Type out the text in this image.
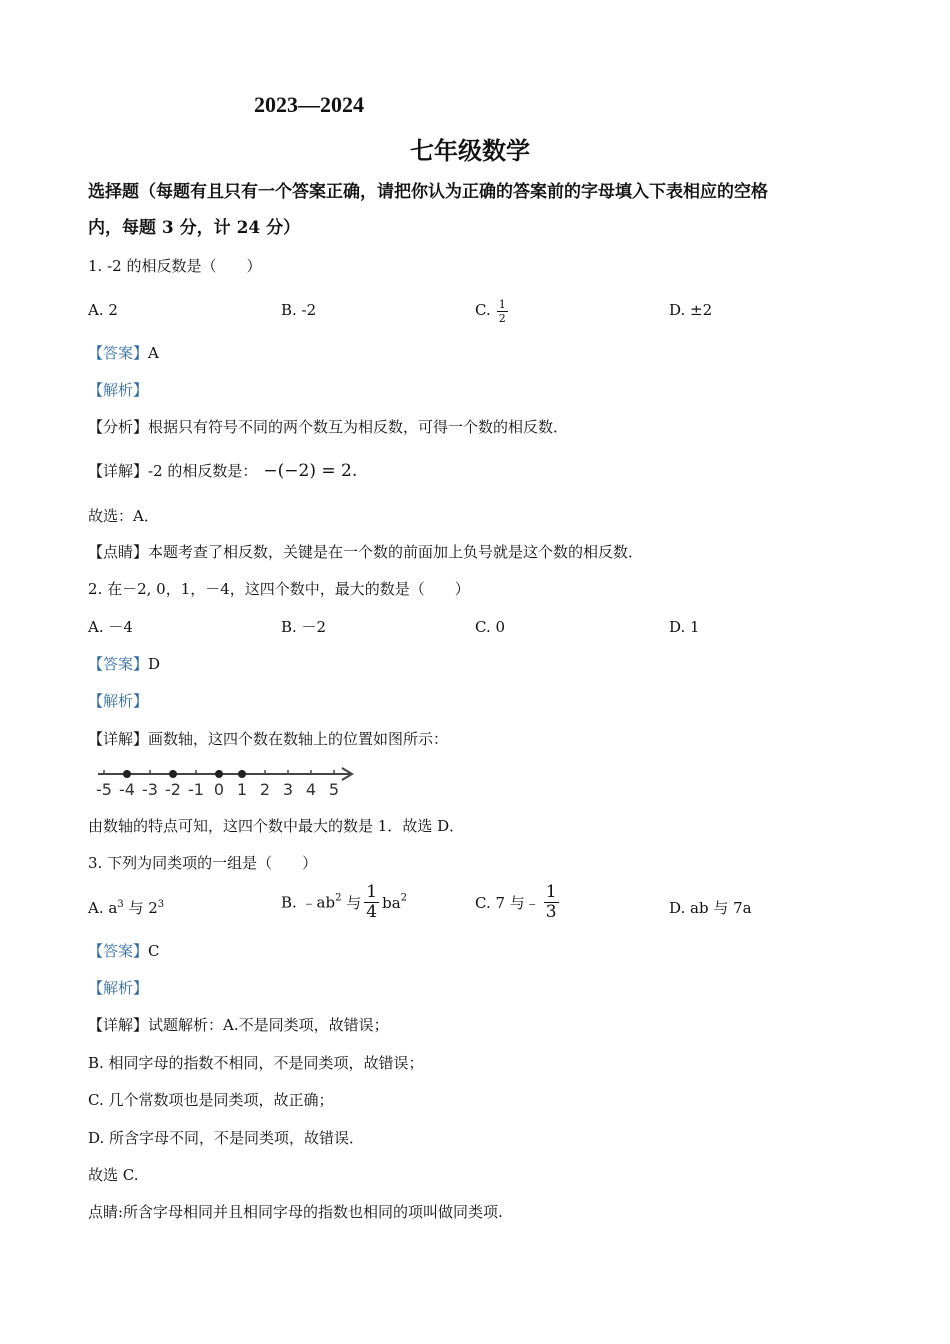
2023—2024
七年级数学
选择题（每题有且只有一个答案正确，请把你认为正确的答案前的字母填入下表相应的空格
内，每题 3 分，计 24 分）
1. -2 的相反数是（　　）
A. 2	B. -2	C. $\frac{1}{2}$	D. ±2
【答案】A
【解析】
【分析】根据只有符号不同的两个数互为相反数，可得一个数的相反数．
【详解】-2 的相反数是： −(−2) = 2.
故选：A．
【点睛】本题考查了相反数，关键是在一个数的前面加上负号就是这个数的相反数．
2. 在－2, 0，1，－4，这四个数中，最大的数是（　　）
A. －4	B. －2	C. 0	D. 1
【答案】D
【解析】
【详解】画数轴，这四个数在数轴上的位置如图所示：
-5 -4 -3 -2 -1 0 1 2 3 4 5
由数轴的特点可知，这四个数中最大的数是 1．故选 D．
3. 下列为同类项的一组是（　　）
A. $a^3$ 与 $2^3$	B. $﹣ab^2$ 与 $\frac{1}{4} ba^2$	C. 7 与﹣ $\frac{1}{3}$	D. ab 与 7a
【答案】C
【解析】
【详解】试题解析：A.不是同类项，故错误；
B. 相同字母的指数不相同，不是同类项，故错误；
C. 几个常数项也是同类项，故正确；
D. 所含字母不同，不是同类项，故错误．
故选 C.
点睛:所含字母相同并且相同字母的指数也相同的项叫做同类项.
